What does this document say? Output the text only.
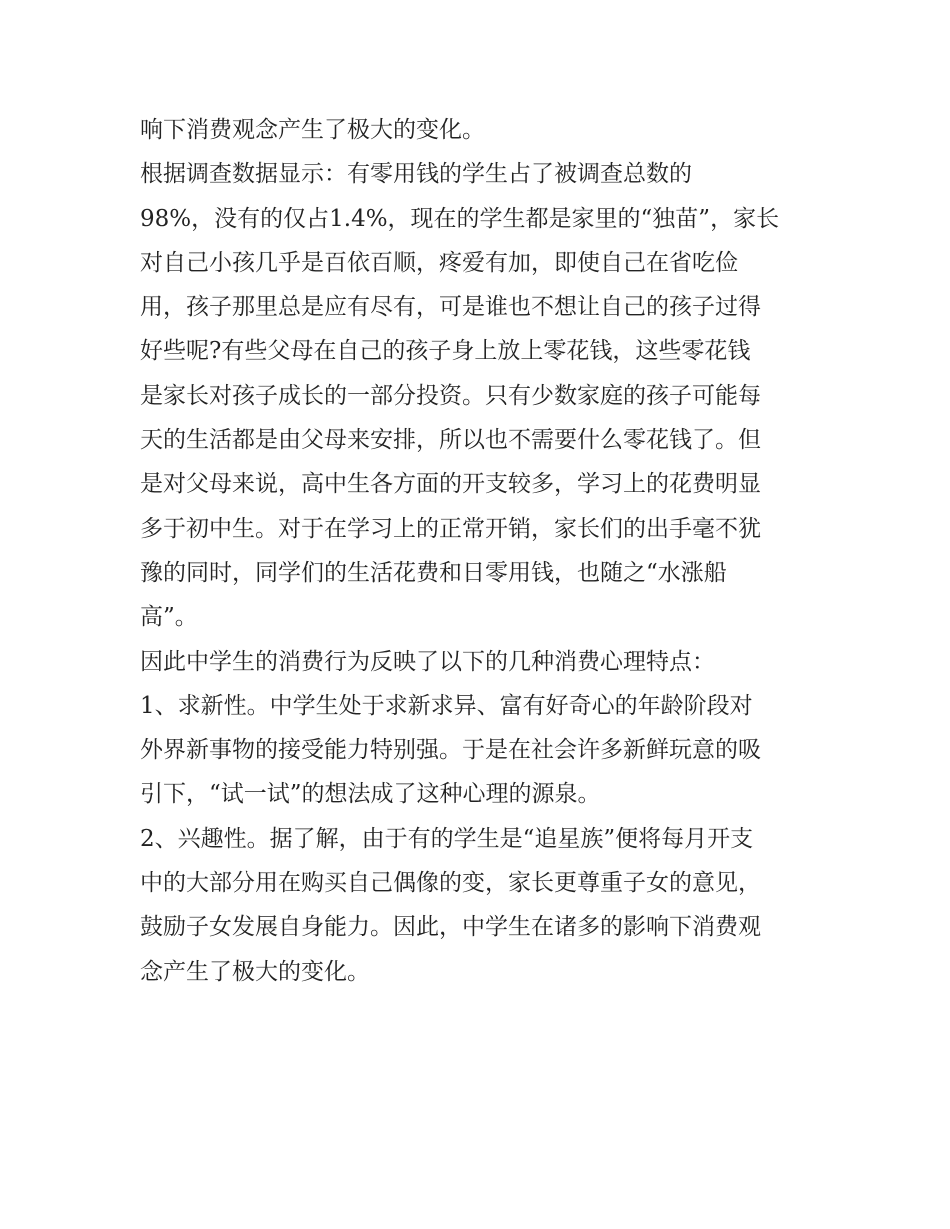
响下消费观念产生了极大的变化。
根据调查数据显示：有零用钱的学生占了被调查总数的
98%，没有的仅占1.4%，现在的学生都是家里的“独苗”，家长
对自己小孩几乎是百依百顺，疼爱有加，即使自己在省吃俭
用，孩子那里总是应有尽有，可是谁也不想让自己的孩子过得
好些呢?有些父母在自己的孩子身上放上零花钱，这些零花钱
是家长对孩子成长的一部分投资。只有少数家庭的孩子可能每
天的生活都是由父母来安排，所以也不需要什么零花钱了。但
是对父母来说，高中生各方面的开支较多，学习上的花费明显
多于初中生。对于在学习上的正常开销，家长们的出手毫不犹
豫的同时，同学们的生活花费和日零用钱，也随之“水涨船
高”。
因此中学生的消费行为反映了以下的几种消费心理特点：
1、求新性。中学生处于求新求异、富有好奇心的年龄阶段对
外界新事物的接受能力特别强。于是在社会许多新鲜玩意的吸
引下，“试一试”的想法成了这种心理的源泉。
2、兴趣性。据了解，由于有的学生是“追星族”便将每月开支
中的大部分用在购买自己偶像的变，家长更尊重子女的意见，
鼓励子女发展自身能力。因此，中学生在诸多的影响下消费观
念产生了极大的变化。
